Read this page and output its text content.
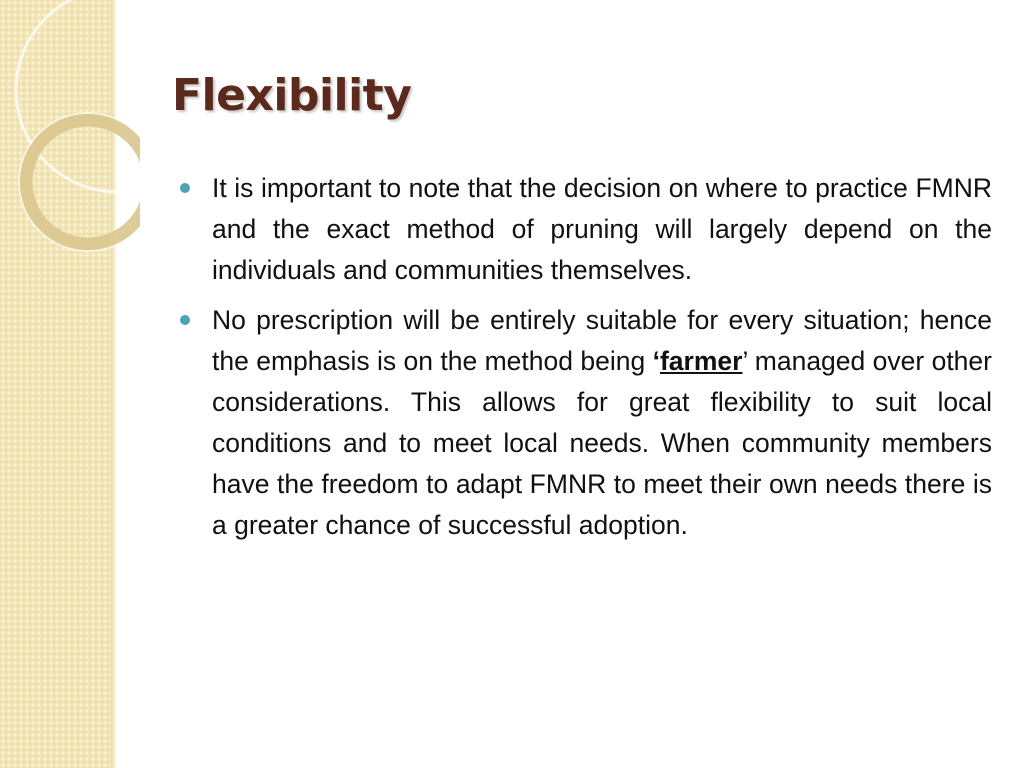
Flexibility

It is important to note that the decision on where to practice FMNR and the exact method of pruning will largely depend on the individuals and communities themselves.

No prescription will be entirely suitable for every situation; hence the emphasis is on the method being ‘farmer’ managed over other considerations. This allows for great flexibility to suit local conditions and to meet local needs. When community members have the freedom to adapt FMNR to meet their own needs there is a greater chance of successful adoption.
